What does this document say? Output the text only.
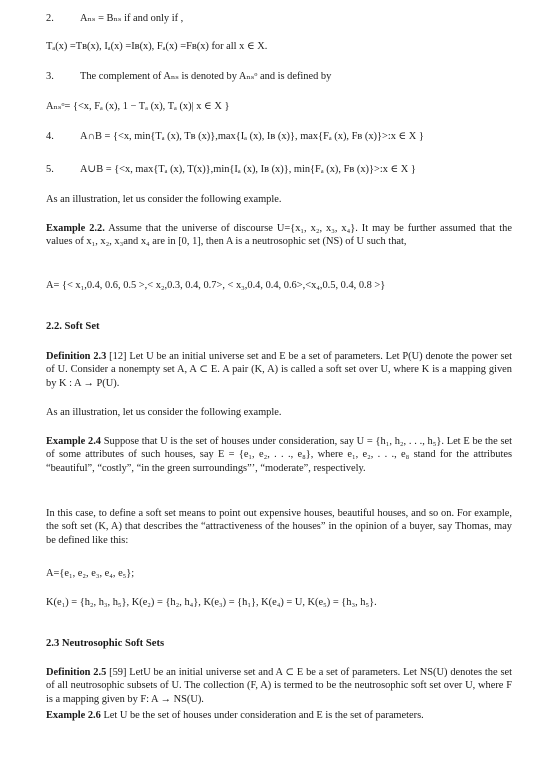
2.	Aₙₛ = Bₙₛ if and only if ,
Tₐ(x) =Tʙ(x), Iₐ(x) =Iʙ(x), Fₐ(x) =Fʙ(x) for all x ∈ X.
3.	The complement of Aₙₛ is denoted by Aₙₛᵒ and is defined by
Aₙₛᵒ= {<x, Fₐ (x), 1 − Tₐ (x), Tₐ (x)| x ∈ X }
4.	A∩B = {<x, min{Tₐ (x), Tʙ (x)},max{Iₐ (x), Iʙ (x)}, max{Fₐ (x), Fʙ (x)}>:x ∈ X }
5.	A∪B = {<x, max{Tₐ (x), T(x)},min{Iₐ (x), Iʙ (x)}, min{Fₐ (x), Fʙ (x)}>:x ∈ X }
As an illustration, let us consider the following example.
Example 2.2. Assume that the universe of discourse U={x₁, x₂, x₃, x₄}. It may be further assumed that the values of x₁, x₂, x₃and x₄ are in [0, 1], then A is a neutrosophic set (NS) of U such that,
A= {< x₁,0.4, 0.6, 0.5 >,< x₂,0.3, 0.4, 0.7>, < x₃,0.4, 0.4, 0.6>,<x₄,0.5, 0.4, 0.8 >}
2.2. Soft Set
Definition 2.3 [12] Let U be an initial universe set and E be a set of parameters. Let P(U) denote the power set of U. Consider a nonempty set A, A ⊂ E. A pair (K, A) is called a soft set over U, where K is a mapping given by K : A → P(U).
As an illustration, let us consider the following example.
Example 2.4 Suppose that U is the set of houses under consideration, say U = {h₁, h₂, . . ., h₅}. Let E be the set of some attributes of such houses, say E = {e₁, e₂, . . ., e₈}, where e₁, e₂, . . ., e₈ stand for the attributes “beautiful”, “costly”, “in the green surroundings”’, “moderate”, respectively.
In this case, to define a soft set means to point out expensive houses, beautiful houses, and so on. For example, the soft set (K, A) that describes the “attractiveness of the houses” in the opinion of a buyer, say Thomas, may be defined like this:
A={e₁, e₂, e₃, e₄, e₅};
K(e₁) = {h₂, h₃, h₅}, K(e₂) = {h₂, h₄}, K(e₃) = {h₁}, K(e₄) = U, K(e₅) = {h₃, h₅}.
2.3 Neutrosophic Soft Sets
Definition 2.5 [59] LetU be an initial universe set and A ⊂ E be a set of parameters. Let NS(U) denotes the set of all neutrosophic subsets of U. The collection (F, A) is termed to be the neutrosophic soft set over U, where F is a mapping given by F: A → NS(U).
Example 2.6 Let U be the set of houses under consideration and E is the set of parameters.
